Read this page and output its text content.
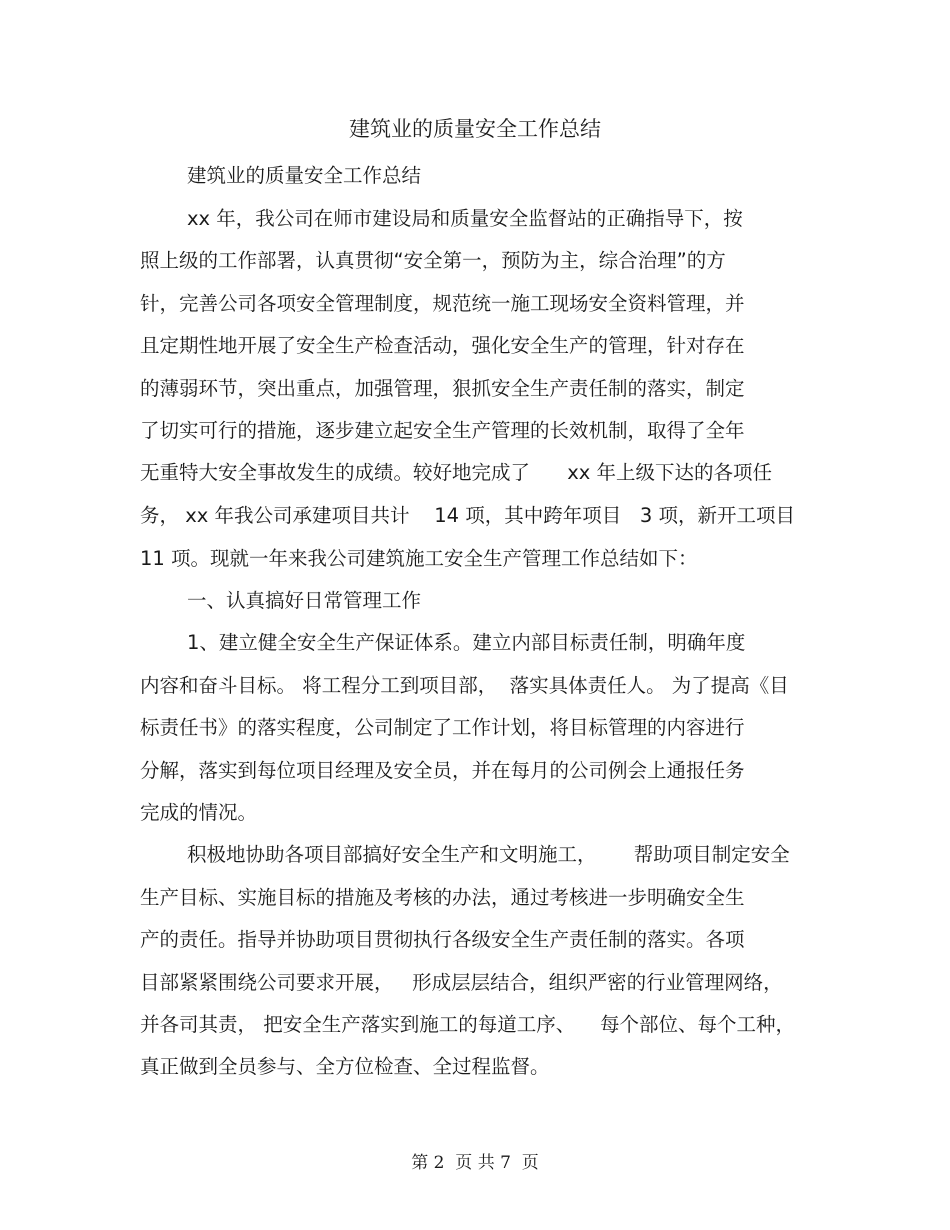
建筑业的质量安全工作总结
建筑业的质量安全工作总结
xx 年，我公司在师市建设局和质量安全监督站的正确指导下，按
照上级的工作部署，认真贯彻“安全第一，预防为主，综合治理”的方
针，完善公司各项安全管理制度，规范统一施工现场安全资料管理，并
且定期性地开展了安全生产检查活动，强化安全生产的管理，针对存在
的薄弱环节，突出重点，加强管理，狠抓安全生产责任制的落实，制定
了切实可行的措施，逐步建立起安全生产管理的长效机制，取得了全年
无重特大安全事故发生的成绩。较好地完成了      xx 年上级下达的各项任
务， xx 年我公司承建项目共计    14 项，其中跨年项目   3 项，新开工项目
11 项。现就一年来我公司建筑施工安全生产管理工作总结如下：
一、认真搞好日常管理工作
1、建立健全安全生产保证体系。建立内部目标责任制，明确年度
内容和奋斗目标。 将工程分工到项目部，  落实具体责任人。 为了提高《目
标责任书》的落实程度，公司制定了工作计划，将目标管理的内容进行
分解，落实到每位项目经理及安全员，并在每月的公司例会上通报任务
完成的情况。
积极地协助各项目部搞好安全生产和文明施工，      帮助项目制定安全
生产目标、实施目标的措施及考核的办法，通过考核进一步明确安全生
产的责任。指导并协助项目贯彻执行各级安全生产责任制的落实。各项
目部紧紧围绕公司要求开展，   形成层层结合，组织严密的行业管理网络，
并各司其责， 把安全生产落实到施工的每道工序、    每个部位、每个工种，
真正做到全员参与、全方位检查、全过程监督。
第 2  页 共 7  页
